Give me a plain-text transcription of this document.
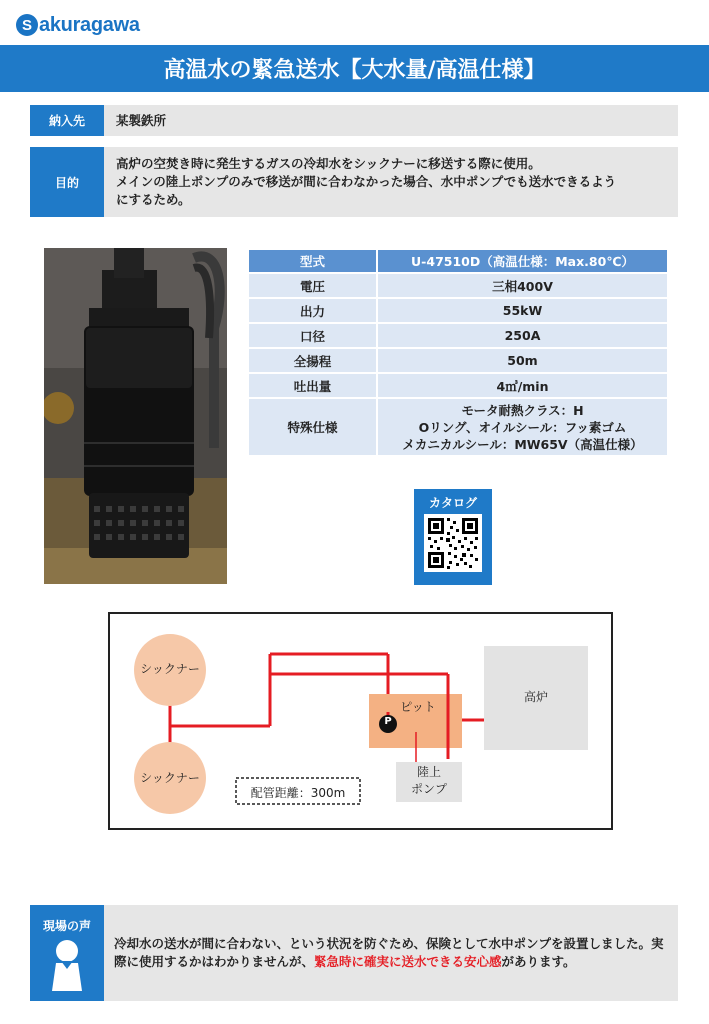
S akuragawa
高温水の緊急送水【大水量/高温仕様】
納入先	某製鉄所
目的
高炉の空焚き時に発生するガスの冷却水をシックナーに移送する際に使用。
メインの陸上ポンプのみで移送が間に合わなかった場合、水中ポンプでも送水できるよう
にするため。
型式	U-47510D（高温仕様：Max.80℃）
電圧	三相400V
出力	55kW
口径	250A
全揚程	50m
吐出量	4㎥/min
特殊仕様	モータ耐熱クラス：H
Oリング、オイルシール：フッ素ゴム
メカニカルシール：MW65V（高温仕様）
カタログ
シックナー
シックナー
ピット
P
高炉
陸上
ポンプ
配管距離：300m
現場の声
冷却水の送水が間に合わない、という状況を防ぐため、保険として水中ポンプを設置しました。実際に使用するかはわかりませんが、緊急時に確実に送水できる安心感があります。
